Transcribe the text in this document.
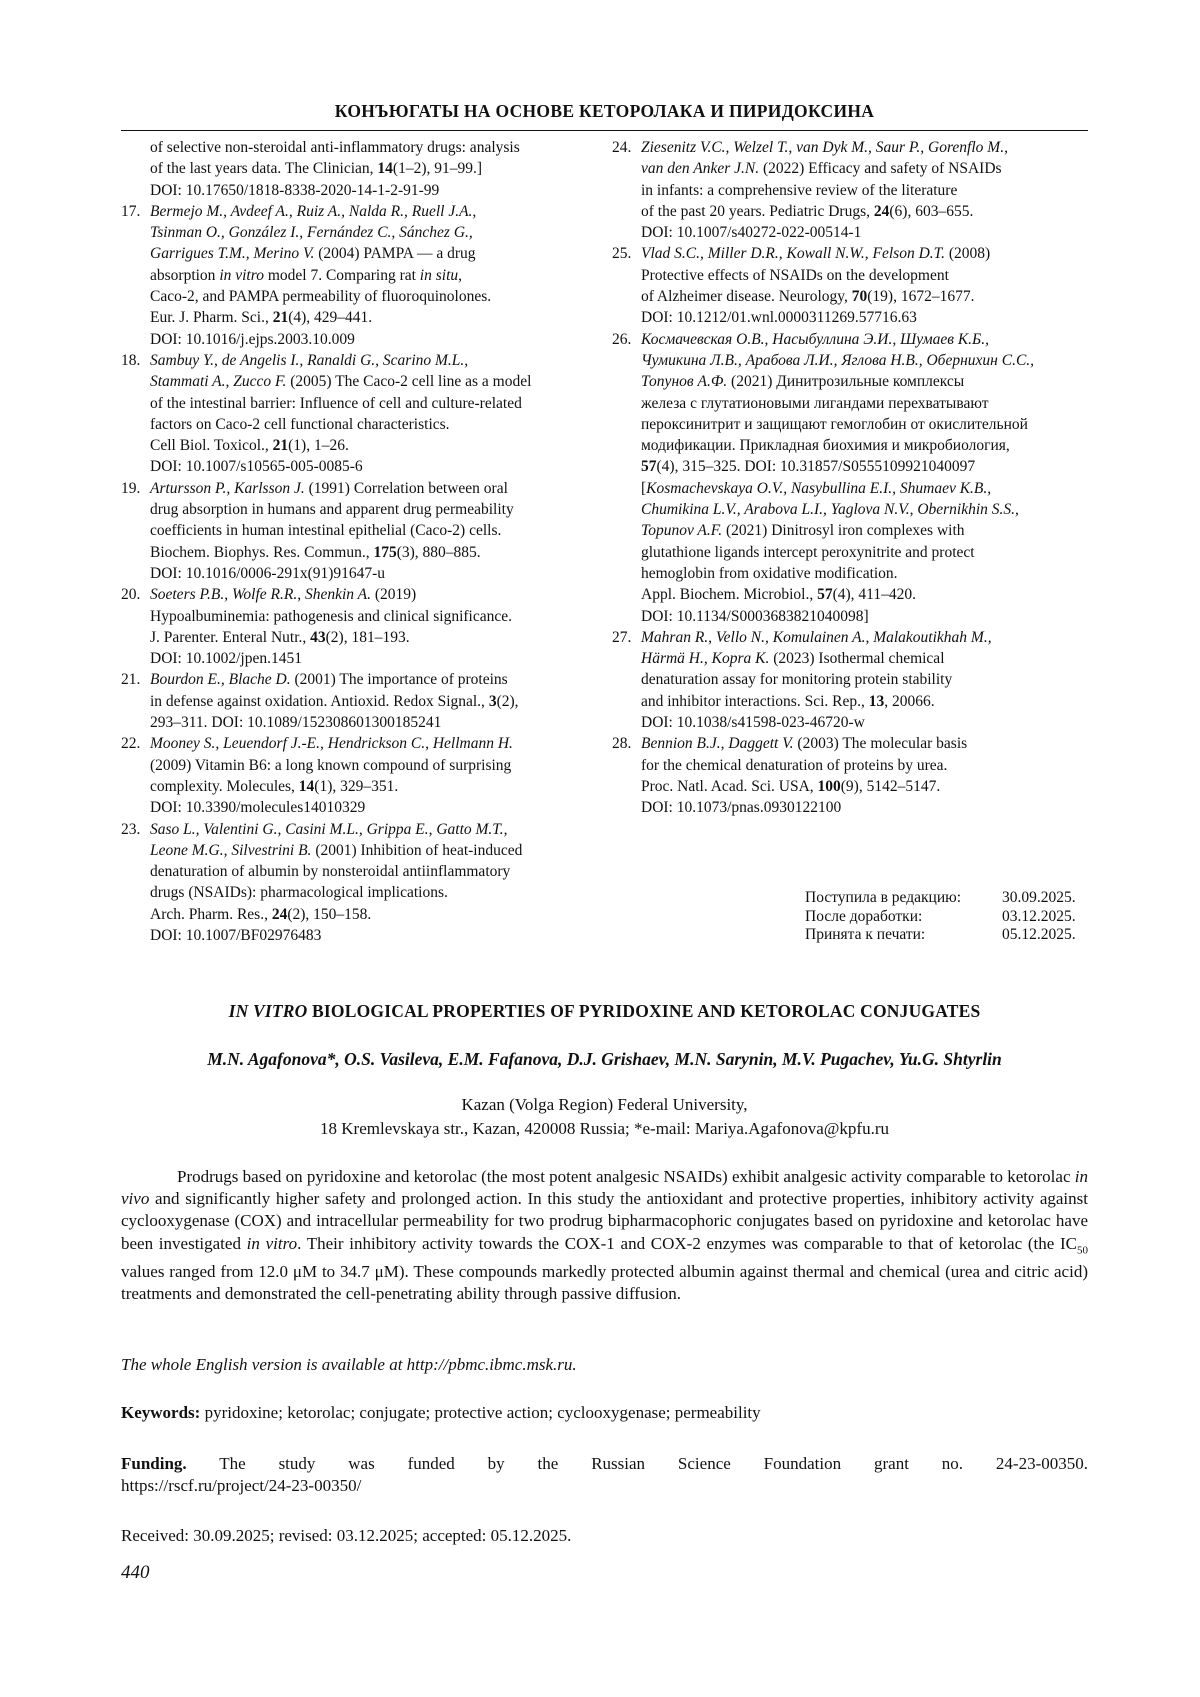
КОНЪЮГАТЫ НА ОСНОВЕ КЕТОРОЛАКА И ПИРИДОКСИНА
of selective non-steroidal anti-inflammatory drugs: analysis
of the last years data. The Clinician, 14(1–2), 91–99.]
DOI: 10.17650/1818-8338-2020-14-1-2-91-99
17. Bermejo M., Avdeef A., Ruiz A., Nalda R., Ruell J.A.,
Tsinman O., González I., Fernández C., Sánchez G.,
Garrigues T.M., Merino V. (2004) PAMPA — a drug
absorption in vitro model 7. Comparing rat in situ,
Caco-2, and PAMPA permeability of fluoroquinolones.
Eur. J. Pharm. Sci., 21(4), 429–441.
DOI: 10.1016/j.ejps.2003.10.009
18. Sambuy Y., de Angelis I., Ranaldi G., Scarino M.L.,
Stammati A., Zucco F. (2005) The Caco-2 cell line as a model
of the intestinal barrier: Influence of cell and culture-related
factors on Caco-2 cell functional characteristics.
Cell Biol. Toxicol., 21(1), 1–26.
DOI: 10.1007/s10565-005-0085-6
19. Artursson P., Karlsson J. (1991) Correlation between oral
drug absorption in humans and apparent drug permeability
coefficients in human intestinal epithelial (Caco-2) cells.
Biochem. Biophys. Res. Commun., 175(3), 880–885.
DOI: 10.1016/0006-291x(91)91647-u
20. Soeters P.B., Wolfe R.R., Shenkin A. (2019)
Hypoalbuminemia: pathogenesis and clinical significance.
J. Parenter. Enteral Nutr., 43(2), 181–193.
DOI: 10.1002/jpen.1451
21. Bourdon E., Blache D. (2001) The importance of proteins
in defense against oxidation. Antioxid. Redox Signal., 3(2),
293–311. DOI: 10.1089/152308601300185241
22. Mooney S., Leuendorf J.-E., Hendrickson C., Hellmann H.
(2009) Vitamin B6: a long known compound of surprising
complexity. Molecules, 14(1), 329–351.
DOI: 10.3390/molecules14010329
23. Saso L., Valentini G., Casini M.L., Grippa E., Gatto M.T.,
Leone M.G., Silvestrini B. (2001) Inhibition of heat-induced
denaturation of albumin by nonsteroidal antiinflammatory
drugs (NSAIDs): pharmacological implications.
Arch. Pharm. Res., 24(2), 150–158.
DOI: 10.1007/BF02976483
24. Ziesenitz V.C., Welzel T., van Dyk M., Saur P., Gorenflo M.,
van den Anker J.N. (2022) Efficacy and safety of NSAIDs
in infants: a comprehensive review of the literature
of the past 20 years. Pediatric Drugs, 24(6), 603–655.
DOI: 10.1007/s40272-022-00514-1
25. Vlad S.C., Miller D.R., Kowall N.W., Felson D.T. (2008)
Protective effects of NSAIDs on the development
of Alzheimer disease. Neurology, 70(19), 1672–1677.
DOI: 10.1212/01.wnl.0000311269.57716.63
26. Космачевская О.В., Насыбуллина Э.И., Шумаев К.Б.,
Чумикина Л.В., Арабова Л.И., Яглова Н.В., Обернихин С.С.,
Топунов А.Ф. (2021) Динитрозильные комплексы
железа с глутатионовыми лигандами перехватывают
пероксинитрит и защищают гемоглобин от окислительной
модификации. Прикладная биохимия и микробиология,
57(4), 315–325. DOI: 10.31857/S0555109921040097
[Kosmachevskaya O.V., Nasybullina E.I., Shumaev K.B.,
Chumikina L.V., Arabova L.I., Yaglova N.V., Obernikhin S.S.,
Topunov A.F. (2021) Dinitrosyl iron complexes with
glutathione ligands intercept peroxynitrite and protect
hemoglobin from oxidative modification.
Appl. Biochem. Microbiol., 57(4), 411–420.
DOI: 10.1134/S0003683821040098]
27. Mahran R., Vello N., Komulainen A., Malakoutikhah M.,
Härmä H., Kopra K. (2023) Isothermal chemical
denaturation assay for monitoring protein stability
and inhibitor interactions. Sci. Rep., 13, 20066.
DOI: 10.1038/s41598-023-46720-w
28. Bennion B.J., Daggett V. (2003) The molecular basis
for the chemical denaturation of proteins by urea.
Proc. Natl. Acad. Sci. USA, 100(9), 5142–5147.
DOI: 10.1073/pnas.0930122100
Поступила в редакцию:	30.09.2025.
После доработки:	03.12.2025.
Принята к печати:	05.12.2025.
IN VITRO BIOLOGICAL PROPERTIES OF PYRIDOXINE AND KETOROLAC CONJUGATES
M.N. Agafonova*, O.S. Vasileva, E.M. Fafanova, D.J. Grishaev, M.N. Sarynin, M.V. Pugachev, Yu.G. Shtyrlin
Kazan (Volga Region) Federal University,
18 Kremlevskaya str., Kazan, 420008 Russia; *e-mail: Mariya.Agafonova@kpfu.ru

Prodrugs based on pyridoxine and ketorolac (the most potent analgesic NSAIDs) exhibit analgesic activity comparable to ketorolac in vivo and significantly higher safety and prolonged action. In this study the antioxidant and protective properties, inhibitory activity against cyclooxygenase (COX) and intracellular permeability for two prodrug bipharmacophoric conjugates based on pyridoxine and ketorolac have been investigated in vitro. Their inhibitory activity towards the COX-1 and COX-2 enzymes was comparable to that of ketorolac (the $IC_{50}$ values ranged from 12.0 μM to 34.7 μM). These compounds markedly protected albumin against thermal and chemical (urea and citric acid) treatments and demonstrated the cell-penetrating ability through passive diffusion.

The whole English version is available at http://pbmc.ibmc.msk.ru.
Keywords: pyridoxine; ketorolac; conjugate; protective action; cyclooxygenase; permeability
Funding. The study was funded by the Russian Science Foundation grant no. 24-23-00350.
https://rscf.ru/project/24-23-00350/
Received: 30.09.2025; revised: 03.12.2025; accepted: 05.12.2025.
440
